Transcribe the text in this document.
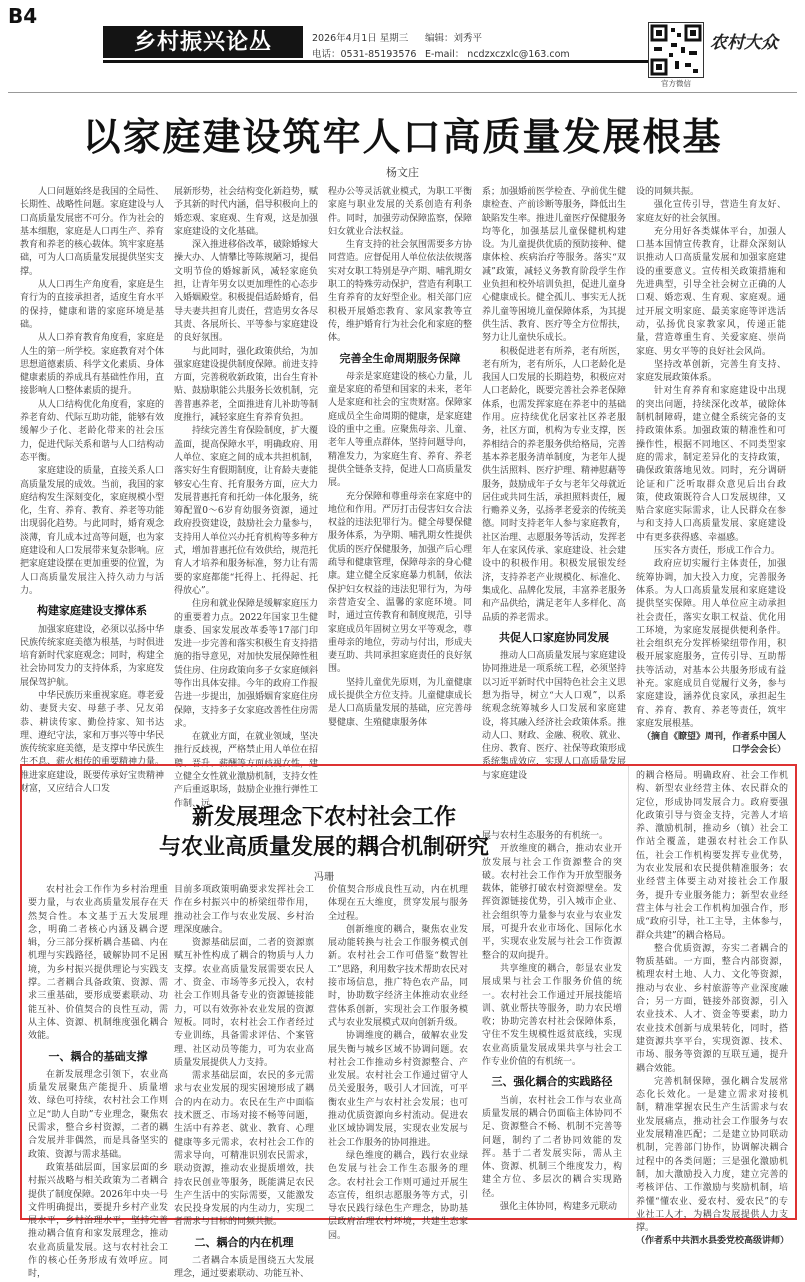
B4
乡村振兴论丛	2026年4月1日 星期三 编辑：刘秀平
电话：0531-85193576 E-mail： ncdzxczxlc@163.com
官方微信
农村大众
以家庭建设筑牢人口高质量发展根基
杨文庄

人口问题始终是我国的全局性、长期性、战略性问题。家庭建设与人口高质量发展密不可分。作为社会的基本细胞，家庭是人口再生产、养育教育和养老的核心载体。筑牢家庭基础，可为人口高质量发展提供坚实支撑。

从人口再生产角度看，家庭是生育行为的直接承担者，适度生育水平的保持，健康和谐的家庭环境是基础。

从人口养育教育角度看，家庭是人生的第一所学校。家庭教育对个体思想道德素质、科学文化素质、身体健康素质的养成具有基础性作用，直接影响人口整体素质的提升。

从人口结构优化角度看，家庭的养老育幼、代际互助功能，能够有效缓解少子化、老龄化带来的社会压力，促进代际关系和谐与人口结构动态平衡。

家庭建设的质量，直接关系人口高质量发展的成效。当前，我国的家庭结构发生深刻变化，家庭规模小型化，生育、养育、教育、养老等功能出现弱化趋势。与此同时，婚育观念淡薄，育儿成本过高等问题，也为家庭建设和人口发展带来复杂影响。应把家庭建设摆在更加重要的位置，为人口高质量发展注入持久动力与活力。

构建家庭建设支撑体系

加强家庭建设，必须以弘扬中华民族传统家庭美德为根基，与时俱进培育新时代家庭观念；同时，构建全社会协同发力的支持体系，为家庭发展保驾护航。

中华民族历来重视家庭。尊老爱幼、妻贤夫安、母慈子孝、兄友弟恭、耕读传家、勤俭持家、知书达理、遵纪守法，家和万事兴等中华民族传统家庭美德，是支撑中华民族生生不息、薪火相传的重要精神力量。推进家庭建设，既要传承好宝贵精神财富，又应结合人口发

展新形势，社会结构变化新趋势，赋予其新的时代内涵，倡导积极向上的婚恋观、家庭观、生育观，这是加强家庭建设的文化基础。

深入推进移俗改革，破除婚嫁大操大办、人情攀比等陈规陋习，提倡文明节俭的婚嫁新风，减轻家庭负担，让青年男女以更加理性的心态步入婚姻殿堂。积极提倡适龄婚育，倡导夫妻共担育儿责任，营造男女各尽其责、各展所长、平等参与家庭建设的良好氛围。

与此同时，强化政策供给，为加强家庭建设提供制度保障。前进支持方面，完善税收新政策，出台生育补贴、鼓励职能公共服务长效机制，完善普惠养老，全面推进育儿补助等制度推行，减轻家庭生育养育负担。

持续完善生育保险制度，扩大覆盖面，提高保障水平，明确政府、用人单位、家庭之间的成本共担机制，落实好生育假期制度，让育龄夫妻能够安心生育、托育服务方面，应大力发展普惠托育和托幼一体化服务，统筹配置0～6岁育幼服务资源，通过政府投资建设，鼓励社会力量参与，支持用人单位兴办托育机构等多种方式，增加普惠托位有效供给，规范托育人才培养和服务标准，努力让有需要的家庭都能“托得上、托得起、托得放心”。

住房和就业保障是缓解家庭压力的重要着力点。2022年国家卫生健康委、国家发展改革委等17部门印发进一步完善和落实积极生育支持措施的指导意见，对加快发展保障性租赁住房、住房政策向多子女家庭倾斜等作出具体安排。今年的政府工作报告进一步提出，加强婚姻育家庭住房保障，支持多子女家庭改善性住房需求。

在就业方面，在就业领域，坚决推行反歧视，严格禁止用人单位在招聘、晋升、薪酬等方面歧视女性，建立健全女性就业激励机制，支持女性产后重返职场，鼓励企业推行弹性工作制、远

程办公等灵活就业模式，为职工平衡家庭与职业发展的关系创造有利条件。同时，加强劳动保障监察，保障妇女就业合法权益。

生育支持的社会氛围需要多方协同营造。应督促用人单位依法依规落实对女职工特别是孕产期、哺乳期女职工的特殊劳动保护，营造有利职工生育养育的友好型企业。相关部门应积极开展婚恋教育、家风家教等宣传，维护婚育行为社会化和家庭的整体。

完善全生命周期服务保障

母亲是家庭建设的核心力量，儿童是家庭的希望和国家的未来，老年人是家庭和社会的宝贵财富。保障家庭成员全生命周期的健康，是家庭建设的重中之重。应聚焦母亲、儿童、老年人等重点群体，坚持问题导向，精准发力，为家庭生育、养育、养老提供全链条支持，促进人口高质量发展。

充分保障和尊重母亲在家庭中的地位和作用。严厉打击侵害妇女合法权益的违法犯罪行为。健全母婴保健服务体系，为孕期、哺乳期女性提供优质的医疗保健服务，加强产后心理疏导和健康管理，保障母亲的身心健康。建立健全反家庭暴力机制，依法保护妇女权益的违法犯罪行为，为母亲营造安全、温馨的家庭环境。同时，通过宣传教育和制度规范，引导家庭成员年固树立男女平等观念，尊重母亲的地位，劳动与付出，形成夫妻互助、共同承担家庭责任的良好氛围。

坚持儿童优先原则，为儿童健康成长提供全方位支持。儿童健康成长是人口高质量发展的基础，应完善母婴健康、生殖健康服务体

系；加强婚前医学检查、孕前优生健康检查、产前诊断等服务，降低出生缺陷发生率。推进儿童医疗保健服务均等化，加强基层儿童保健机构建设。为儿童提供优质的预防接种、健康体检、疾病治疗等服务。落实“双减”政策，减轻义务教育阶段学生作业负担和校外培训负担，促进儿童身心健康成长。健全孤儿、事实无人抚养儿童等困境儿童保障体系，为其提供生活、教育、医疗等全方位帮扶，努力让儿童快乐成长。

积极促进老有所养，老有所医，老有所为，老有所乐，人口老龄化是我国人口发展的长期趋势，积极应对人口老龄化，既要完善社会养老保障体系，也需发挥家庭在养老中的基础作用。应持续优化居家社区养老服务，社区方面，机构为专业支撑，医养相结合的养老服务供给格局，完善基本养老服务清单制度，为老年人提供生活照料、医疗护理、精神慰藉等服务，鼓励成年子女与老年父母就近居住或共同生活，承担照料责任，履行赡养义务，弘扬孝老爱亲的传统美德。同时支持老年人参与家庭教育，社区治理、志愿服务等活动，发挥老年人在家风传承、家庭建设、社会建设中的积极作用。积极发展银发经济，支持养老产业规模化、标准化、集成化、品牌化发展，丰富养老服务和产品供给，满足老年人多样化、高品质的养老需求。

共促人口家庭协同发展

推动人口高质量发展与家庭建设协同推进是一项系统工程，必须坚持以习近平新时代中国特色社会主义思想为指导，树立“大人口观”，以系统观念统筹城乡人口发展和家庭建设，将其融入经济社会政策体系。推动人口、财政、金融、税收、就业、住房、教育、医疗、社保等政策形成系统集成效应，实现人口高质量发展与家庭建设

设的同频共振。

强化宣传引导，营造生育友好、家庭友好的社会氛围。

充分用好各类媒体平台，加强人口基本国情宣传教育，让群众深刻认识推动人口高质量发展和加强家庭建设的重要意义。宣传相关政策措施和先进典型，引导全社会树立正确的人口观、婚恋观、生育观、家庭观。通过开展文明家庭、最美家庭等评选活动，弘扬优良家教家风，传递正能量，营造尊重生育、关爱家庭、崇尚家庭、男女平等的良好社会风尚。

坚持改革创新，完善生育支持、家庭发展政策体系。

针对生育养育和家庭建设中出现的突出问题，持续深化改革，破除体制机制障碍，建立健全系统完备的支持政策体系。加强政策的精准性和可操作性，根据不同地区、不同类型家庭的需求，制定差异化的支持政策，确保政策落地见效。同时，充分调研论证和广泛听取群众意见后出台政策，使政策既符合人口发展规律，又贴合家庭实际需求，让人民群众在参与和支持人口高质量发展、家庭建设中有更多获得感、幸福感。

压实各方责任，形成工作合力。

政府应切实履行主体责任，加强统筹协调，加大投入力度，完善服务体系。为人口高质量发展和家庭建设提供坚实保障。用人单位应主动承担社会责任，落实女职工权益、优化用工环境，为家庭发展提供便利条件。社会组织充分发挥桥梁纽带作用，积极开展家庭服务，宣传引导、互助帮扶等活动，对基本公共服务形成有益补充。家庭成员自觉履行义务，参与家庭建设，涵养优良家风，承担起生育、养育、教育、养老等责任，筑牢家庭发展根基。

（摘自《瞭望》周刊，作者系中国人口学会会长）

新发展理念下农村社会工作
与农业高质量发展的耦合机制研究
冯珊

农村社会工作作为乡村治理重要力量，与农业高质量发展存在天然契合性。本文基于五大发展理念，明确二者核心内涵及耦合逻辑，分三部分探析耦合基础、内在机理与实践路径，破解协同不足困境，为乡村振兴提供理论与实践支撑。二者耦合具备政策、资源、需求三重基础，要形成要素联动、功能互补、价值契合的良性互动，需从主体、资源、机制维度强化耦合效能。

一、耦合的基础支撑

在新发展理念引领下，农业高质量发展聚焦产能提升、质量增效、绿色可持续，农村社会工作则立足“助人自助”专业理念，聚焦农民需求，整合乡村资源，二者的耦合发展并非偶然，而是具备坚实的政策、资源与需求基础。

政策基础层面，国家层面的乡村振兴战略与相关政策为二者耦合提供了制度保障。2026年中央一号文件明确提出，要提升乡村产业发展水平，乡村治理水平，坚持完善推动耦合值育和家发展理念，推动农业高质量发展。这与农村社会工作的核心任务形成有效呼应。同时，

目前多项政策明确要求发挥社会工作在乡村振兴中的桥梁纽带作用，推动社会工作与农业发展、乡村治理深度融合。

资源基础层面，二者的资源禀赋互补性构成了耦合的物质与人力支撑。农业高质量发展需要农民人才、资金、市场等多元投入，农村社会工作则具备专业的资源链接能力，可以有效弥补农业发展的资源短板。同时，农村社会工作者经过专业训练，具备需求评估、个案管理、社区动员等能力，可为农业高质量发展提供人力支持。

需求基础层面，农民的多元需求与农业发展的现实困境形成了耦合的内在动力。农民在生产中面临技术匮乏、市场对接不畅等问题，生活中有养老、就业、教育、心理健康等多元需求，农村社会工作的需求导向，可精准识别农民需求，联动资源，推动农业提质增效，扶持农民创业等服务，既能满足农民生产生活中的实际需要，又能激发农民投身发展的内生动力，实现二者需求与目标的同频共振。

二、耦合的内在机理

二者耦合本质是围绕五大发展理念，通过要素联动、功能互补、

价值契合形成良性互动，内在机理体现在五大维度，贯穿发展与服务全过程。

创新维度的耦合，聚焦农业发展动能转换与社会工作服务模式创新。农村社会工作可借鉴“数智社工”思路，利用数字技术帮助农民对接市场信息，推广特色农产品，同时，协助数字经济主体推动农业经营体系创新，实现社会工作服务模式与农业发展模式双向创新升级。

协调维度的耦合，破解农业发展失衡与城乡区域不协调问题。农村社会工作推动乡村资源整合、产业发展。农村社会工作通过留守人员关爱服务，吸引人才回流，可平衡农业生产与农村社会发展；也可推动优质资源向乡村流动。促进农业区域协调发展，实现农业发展与社会工作服务的协同推进。

绿色维度的耦合，践行农业绿色发展与社会工作生态服务的理念。农村社会工作则可通过开展生态宣传，组织志愿服务等方式，引导农民践行绿色生产理念，协助基层政府治理农村环境，共建生态家园。

展与农村生态服务的有机统一。

开放维度的耦合，推动农业开放发展与社会工作资源整合的突破。农村社会工作作为开放型服务载体，能够打破农村资源壁垒。发挥资源链接优势，引入城市企业、社会组织等力量参与农业与农业发展，可提升农业市场化、国际化水平，实现农业发展与社会工作资源整合的双向提升。

共享维度的耦合，彰显农业发展成果与社会工作服务价值的统一。农村社会工作通过开展技能培训、就业帮扶等服务，助力农民增收；协助完善农村社会保障体系，守住不发生规模性返贫底线，实现农业高质量发展成果共享与社会工作专业价值的有机统一。

三、强化耦合的实践路径

当前，农村社会工作与农业高质量发展的耦合仍面临主体协同不足、资源整合不畅、机制不完善等问题，制约了二者协同效能的发挥。基于二者发展实际，需从主体、资源、机制三个维度发力，构建全方位、多层次的耦合实现路径。

强化主体协同，构建多元联动

的耦合格局。明确政府、社会工作机构、新型农业经营主体、农民群众的定位，形成协同发展合力。政府要强化政策引导与资金支持，完善人才培养、激励机制，推动乡（镇）社会工作站全覆盖，建强农村社会工作队伍，社会工作机构要发挥专业优势，为农业发展和农民提供精准服务；农业经营主体要主动对接社会工作服务，提升专业服务能力；新型农业经营主体与社会工作机构加强合作，形成“政府引导，社工主导，主体参与，群众共建”的耦合格局。

整合优质资源，夯实二者耦合的物质基础。一方面，整合内部资源，梳理农村土地、人力、文化等资源，推动与农业、乡村旅游等产业深度融合；另一方面，链接外部资源，引入农业技术、人才、资金等要素，助力农业技术创新与成果转化，同时，搭建资源共享平台，实现资源、技术、市场、服务等资源的互联互通，提升耦合效能。

完善机制保障，强化耦合发展常态化长效化。一是建立需求对接机制，精准掌握农民生产生活需求与农业发展痛点，推动社会工作服务与农业发展精准匹配；二是建立协同联动机制，完善部门协作，协调解决耦合过程中的各类问题；三是强化激励机制，加大激励投入力度，建立完善的考核评估、工作激励与奖励机制，培养懂“懂农业、爱农村、爱农民”的专业社工人才，为耦合发展提供人力支撑。

（作者系中共泗水县委党校高级讲师）
